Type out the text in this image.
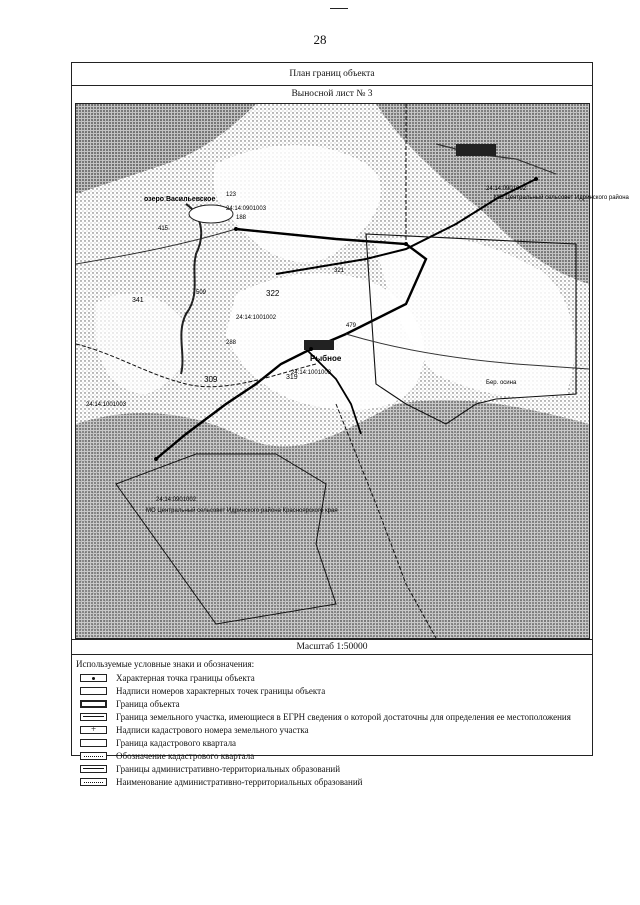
28
План границ объекта
Выносной лист № 3
озеро Васильевское
Рыбное
24:14:0901003
24:14:1001003
24:14:1001002
24:14:0901002
24:14:1001003
24:14:0901002
МО Центральный сельсовет Идринского района Красноярского края
МО Центральный сельсовет Идринского района
Бер. осина
322
309	319
341
188
123
415
479
509
321
288
Масштаб 1:50000
Используемые условные знаки и обозначения:
Характерная точка границы объекта
Надписи номеров характерных точек границы объекта
Граница объекта
Граница земельного участка, имеющиеся в ЕГРН сведения о которой достаточны для определения ее местоположения
+
Надписи кадастрового номера земельного участка
Граница кадастрового квартала
Обозначение кадастрового квартала
Границы административно-территориальных образований
Наименование административно-территориальных образований
